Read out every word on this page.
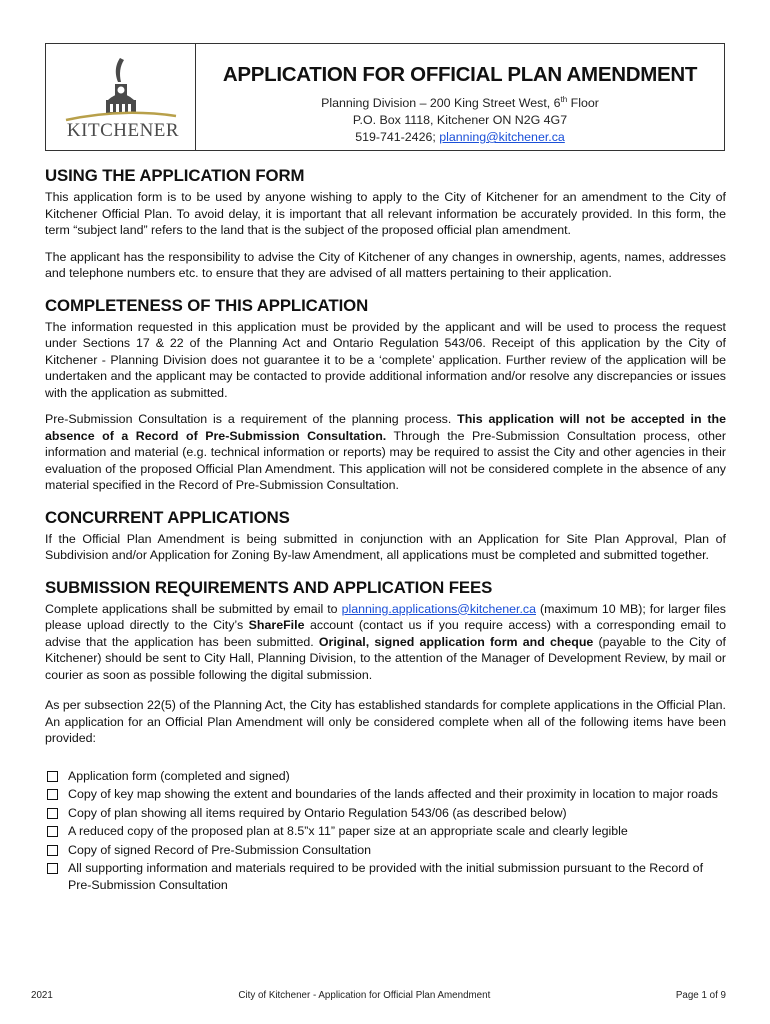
KITCHENER
APPLICATION FOR OFFICIAL PLAN AMENDMENT
Planning Division – 200 King Street West, 6th Floor
P.O. Box 1118, Kitchener ON N2G 4G7
519-741-2426; planning@kitchener.ca
USING THE APPLICATION FORM

This application form is to be used by anyone wishing to apply to the City of Kitchener for an amendment to the City of Kitchener Official Plan. To avoid delay, it is important that all relevant information be accurately provided. In this form, the term “subject land” refers to the land that is the subject of the proposed official plan amendment.

The applicant has the responsibility to advise the City of Kitchener of any changes in ownership, agents, names, addresses and telephone numbers etc. to ensure that they are advised of all matters pertaining to their application.

COMPLETENESS OF THIS APPLICATION

The information requested in this application must be provided by the applicant and will be used to process the request under Sections 17 & 22 of the Planning Act and Ontario Regulation 543/06. Receipt of this application by the City of Kitchener - Planning Division does not guarantee it to be a ‘complete’ application. Further review of the application will be undertaken and the applicant may be contacted to provide additional information and/or resolve any discrepancies or issues with the application as submitted.

Pre-Submission Consultation is a requirement of the planning process. This application will not be accepted in the absence of a Record of Pre-Submission Consultation. Through the Pre-Submission Consultation process, other information and material (e.g. technical information or reports) may be required to assist the City and other agencies in their evaluation of the proposed Official Plan Amendment. This application will not be considered complete in the absence of any material specified in the Record of Pre-Submission Consultation.

CONCURRENT APPLICATIONS

If the Official Plan Amendment is being submitted in conjunction with an Application for Site Plan Approval, Plan of Subdivision and/or Application for Zoning By-law Amendment, all applications must be completed and submitted together.

SUBMISSION REQUIREMENTS AND APPLICATION FEES

Complete applications shall be submitted by email to planning.applications@kitchener.ca (maximum 10 MB); for larger files please upload directly to the City’s ShareFile account (contact us if you require access) with a corresponding email to advise that the application has been submitted. Original, signed application form and cheque (payable to the City of Kitchener) should be sent to City Hall, Planning Division, to the attention of the Manager of Development Review, by mail or courier as soon as possible following the digital submission.

As per subsection 22(5) of the Planning Act, the City has established standards for complete applications in the Official Plan. An application for an Official Plan Amendment will only be considered complete when all of the following items have been provided:

Application form (completed and signed)
Copy of key map showing the extent and boundaries of the lands affected and their proximity in location to major roads
Copy of plan showing all items required by Ontario Regulation 543/06 (as described below)
A reduced copy of the proposed plan at 8.5”x 11” paper size at an appropriate scale and clearly legible
Copy of signed Record of Pre-Submission Consultation
All supporting information and materials required to be provided with the initial submission pursuant to the Record of Pre-Submission Consultation
2021	City of Kitchener - Application for Official Plan Amendment	Page 1 of 9
